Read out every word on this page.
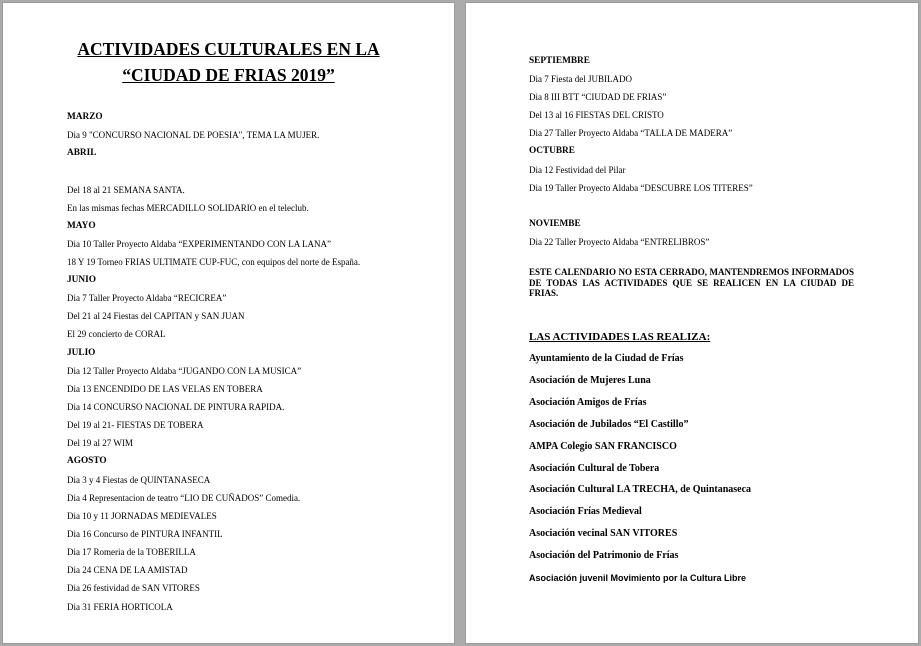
ACTIVIDADES CULTURALES EN LA
“CIUDAD DE FRIAS 2019”
MARZO
Dia 9 "CONCURSO NACIONAL DE POESIA", TEMA LA MUJER.
ABRIL
Del 18 al 21 SEMANA SANTA.
En las mismas fechas MERCADILLO SOLIDARIO en el teleclub.
MAYO
Dia 10 Taller Proyecto Aldaba “EXPERIMENTANDO CON LA LANA”
18 Y 19 Torneo FRIAS ULTIMATE CUP-FUC, con equipos del norte de España.
JUNIO
Dia 7 Taller Proyecto Aldaba “RECICREA”
Del 21 al 24 Fiestas del CAPITAN y SAN JUAN
El 29 concierto de CORAL
JULIO
Dia 12 Taller Proyecto Aldaba “JUGANDO CON LA MUSICA”
Dia 13 ENCENDIDO DE LAS VELAS EN TOBERA
Dia 14 CONCURSO NACIONAL DE PINTURA RAPIDA.
Del 19 al 21- FIESTAS DE TOBERA
Del 19 al 27 WIM
AGOSTO
Dia 3 y 4 Fiestas de QUINTANASECA
Dia 4 Representacion de teatro “LIO DE CUÑADOS” Comedia.
Dia 10 y 11 JORNADAS MEDIEVALES
Dia 16 Concurso de PINTURA INFANTIL
Dia 17 Romeria de la TOBERILLA
Dia 24 CENA DE LA AMISTAD
Dia 26 festividad de SAN VITORES
Dia 31 FERIA HORTICOLA
SEPTIEMBRE
Dia 7 Fiesta del JUBILADO
Dia 8 III BTT “CIUDAD DE FRIAS”
Del 13 al 16 FIESTAS DEL CRISTO
Dia 27 Taller Proyecto Aldaba “TALLA DE MADERA”
OCTUBRE
Dia 12 Festividad del Pilar
Dia 19 Taller Proyecto Aldaba “DESCUBRE LOS TITERES”
NOVIEMBE
Dia 22 Taller Proyecto Aldaba “ENTRELIBROS”
ESTE CALENDARIO NO ESTA CERRADO, MANTENDREMOS INFORMADOS DE TODAS LAS ACTIVIDADES QUE SE REALICEN EN LA CIUDAD DE FRIAS.
LAS ACTIVIDADES LAS REALIZA:
Ayuntamiento de la Ciudad de Frías
Asociación de Mujeres Luna
Asociación Amigos de Frías
Asociación de Jubilados “El Castillo”
AMPA Colegio SAN FRANCISCO
Asociación Cultural de Tobera
Asociación Cultural LA TRECHA, de Quintanaseca
Asociación Frías Medieval
Asociación vecinal SAN VITORES
Asociación del Patrimonio de Frías
Asociación juvenil Movimiento por la Cultura Libre
